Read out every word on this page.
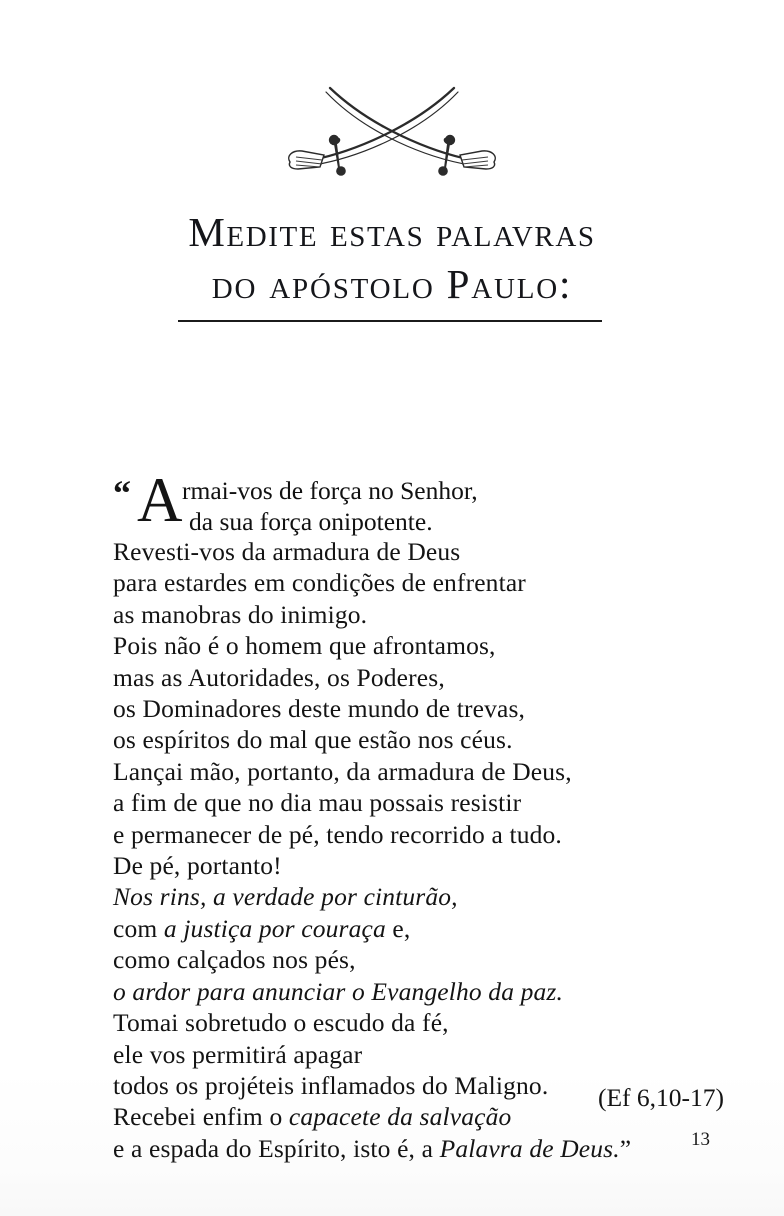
Medite estas palavras
do apóstolo Paulo:
“ A rmai-vos de força no Senhor,
da sua força onipotente.
Revesti-vos da armadura de Deus
para estardes em condições de enfrentar
as manobras do inimigo.
Pois não é o homem que afrontamos,
mas as Autoridades, os Poderes,
os Dominadores deste mundo de trevas,
os espíritos do mal que estão nos céus.
Lançai mão, portanto, da armadura de Deus,
a fim de que no dia mau possais resistir
e permanecer de pé, tendo recorrido a tudo.
De pé, portanto!
Nos rins, a verdade por cinturão,
com a justiça por couraça e,
como calçados nos pés,
o ardor para anunciar o Evangelho da paz.
Tomai sobretudo o escudo da fé,
ele vos permitirá apagar
todos os projéteis inflamados do Maligno.
Recebei enfim o capacete da salvação
e a espada do Espírito, isto é, a Palavra de Deus.”
(Ef 6,10-17)
13
